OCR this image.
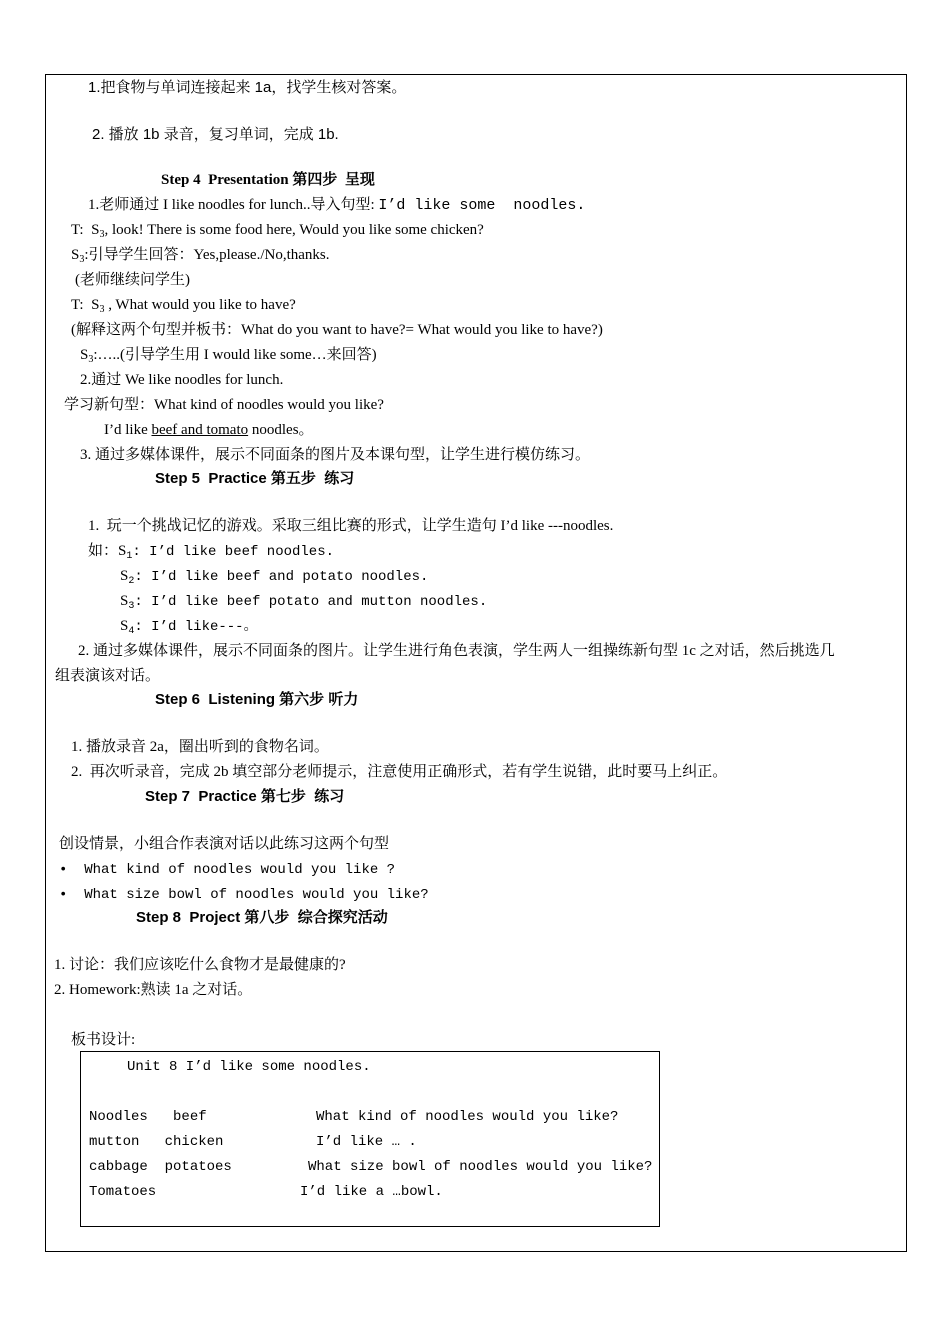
1.把食物与单词连接起来 1a，找学生核对答案。
2. 播放 1b 录音，复习单词，完成 1b.
Step 4  Presentation 第四步  呈现
1.老师通过 I like noodles for lunch..导入句型: I’d like some  noodles.
T:  $S_3$, look! There is some food here, Would you like some chicken?
$S_3$:引导学生回答：Yes,please./No,thanks.
(老师继续问学生)
T:  $S_3$ , What would you like to have?
(解释这两个句型并板书：What do you want to have?= What would you like to have?)
$S_3:\dots$..(引导学生用 I would like some…来回答)
2.通过 We like noodles for lunch.
学习新句型：What kind of noodles would you like?
I’d like beef and tomato noodles。
3. 通过多媒体课件，展示不同面条的图片及本课句型，让学生进行模仿练习。
Step 5  Practice 第五步  练习
1.  玩一个挑战记忆的游戏。采取三组比赛的形式，让学生造句 I’d like ---noodles.
如：$S_1$: I’d like beef noodles.
$S_2$: I’d like beef and potato noodles.
$S_3$: I’d like beef potato and mutton noodles.
$S_4$: I’d like---。
2. 通过多媒体课件，展示不同面条的图片。让学生进行角色表演，学生两人一组操练新句型 1c 之对话，然后挑选几
组表演该对话。
Step 6  Listening 第六步 听力
1. 播放录音 2a，圈出听到的食物名词。
2.  再次听录音，完成 2b 填空部分老师提示，注意使用正确形式，若有学生说错，此时要马上纠正。
Step 7  Practice 第七步  练习
创设情景，小组合作表演对话以此练习这两个句型
•  What kind of noodles would you like ?
•  What size bowl of noodles would you like?
Step 8  Project 第八步  综合探究活动
1. 讨论：我们应该吃什么食物才是最健康的?
2. Homework:熟读 1a 之对话。
板书设计:
Unit 8 I’d like some noodles.
Noodles   beef	What kind of noodles would you like?
mutton   chicken	I’d like … .
cabbage  potatoes	What size bowl of noodles would you like?
Tomatoes	I’d like a …bowl.
